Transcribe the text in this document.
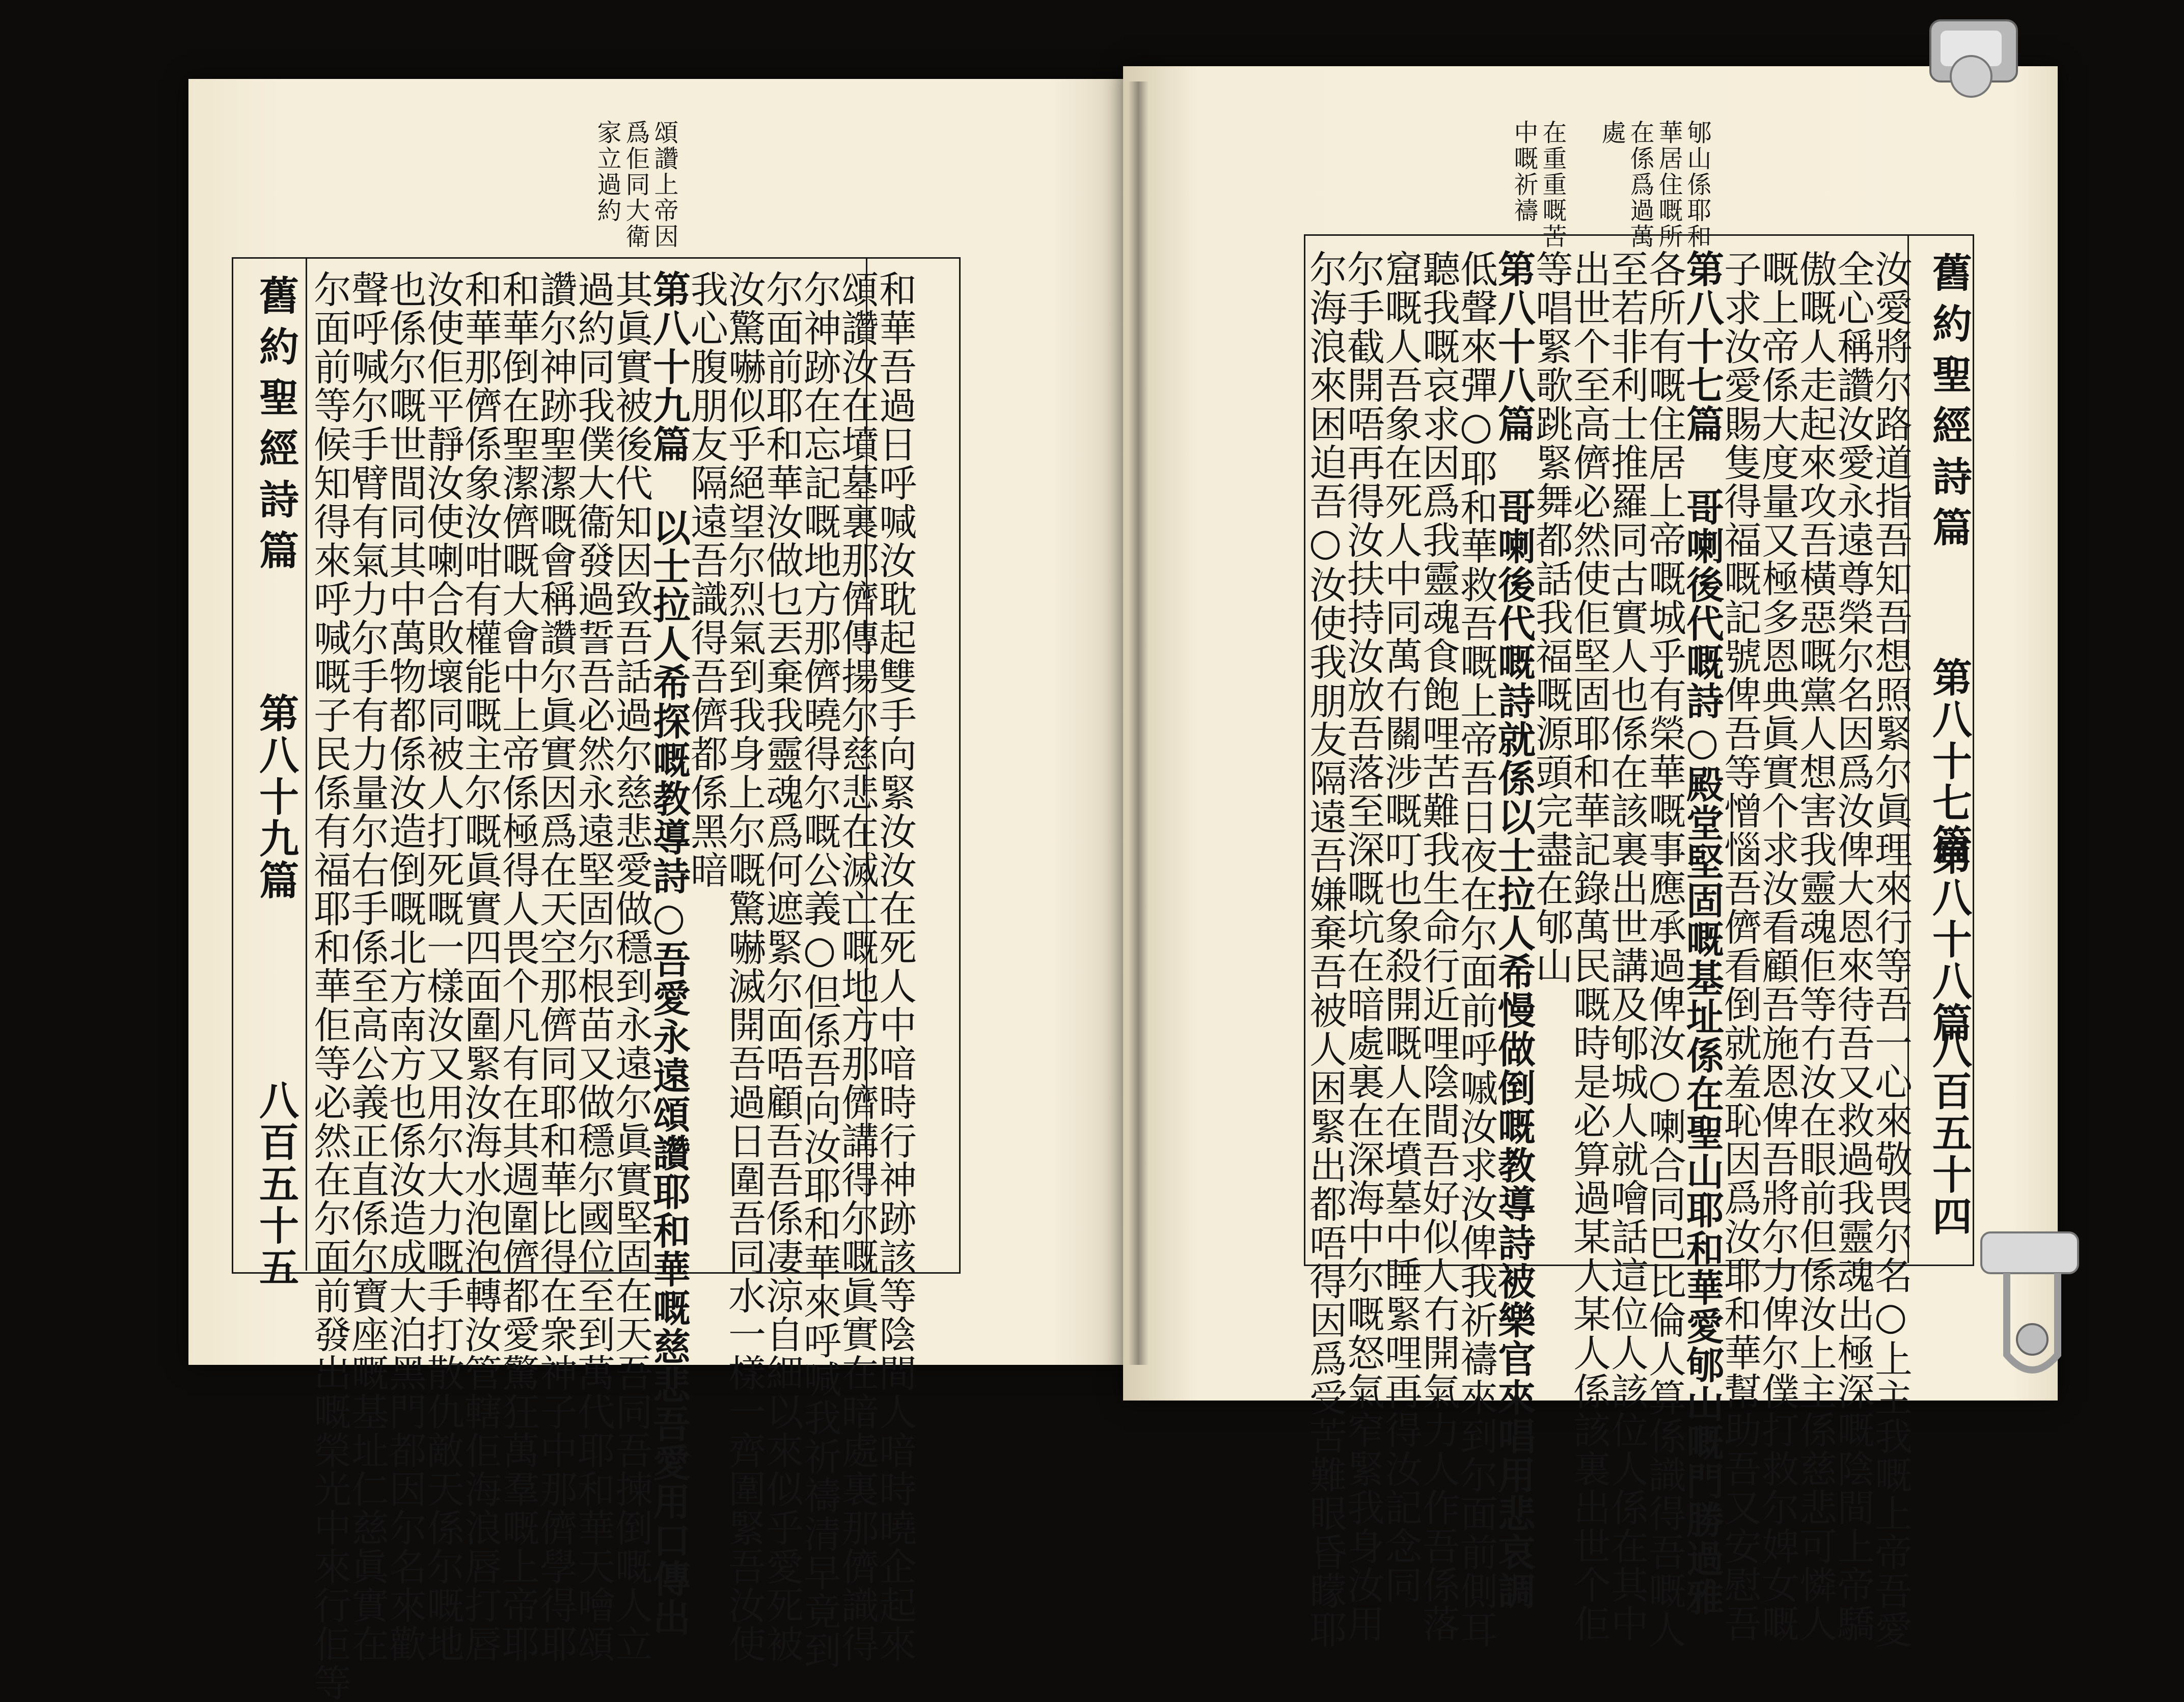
頌讚上帝因
爲佢同大衛
家立過約
舊約聖經詩篇
第八十九篇
八百五十五	和華吾過日呼喊汝耽起雙手向緊汝汝在死人中喑時行神跡該等陰間人喑時曉企起來
頌讚汝在墳墓裏那儕傳揚尔慈悲在滅亡嘅地方那儕講得尔嘅眞實在暗處裏那儕識得
尔神跡在忘記嘅地方那儕曉得尔嘅公義○但係吾向汝耶和華來呼喊我祈禱清早竟到
尔面前耶和華汝做乜丟棄我靈魂爲何遮緊尔面唔顧吾吾係凄涼自細以來似乎愛死被
汝驚嚇似乎絕望尔烈氣到我身上尔嘅驚嚇滅開吾過日圍吾同水一樣一齊圍緊吾汝使
我心腹朋友隔遠吾識得吾儕都係黑暗
第八十九篇 以士拉人希探嘅教導詩○吾愛永遠頌讚耶和華嘅慈悲吾愛用口傳出
其眞實被後代知因致吾話過尔慈悲愛做穩到永遠尔眞實堅固在天吾同吾揀倒嘅人立
過約同我僕大衞發過誓吾必然永遠堅固尔根苗又做穩尔國位至到萬代耶和華天噲頌
讚尔神跡聖潔嘅會稱讚尔眞實因爲在天空那儕同耶和華比得在衆神子中那儕學得耶
和華倒在聖潔儕嘅大會中上帝係極得人畏个凡有在其週圍儕都愛驚狂萬羣嘅上帝耶
和華那儕係象汝咁有權能嘅主尔嘅眞實四面圍緊汝海水泡泡轉汝管轄佢海浪唇打唇
汝使佢平靜汝使喇合敗壞同被人打死嘅一樣汝又用尔大力嘅手打散仇敵天係尔嘅地
也係尔嘅世間同其中萬物都係汝造倒嘅北方南方也係汝造成大泊黑門都因尔名來歡
聲呼喊尔手臂有氣力尔手有力量尔右手係至高公義正直係尔寶座嘅基址仁慈眞實在
尔面前等候知得來呼喊嘅子民係有福耶和華佢等必然在尔面前發出嘅榮光中來行佢等
郇山係耶和
華居住嘅所
在係爲過萬
處
在重重嘅苦
中嘅祈禱
舊約聖經詩篇
第八十七篇
第八十八篇
八百五十四
汝愛將尔路道指吾知吾想照緊尔眞理來行等吾一心來敬畏尔名○上主我嘅上帝吾愛
全心稱讚汝愛永遠尊榮尔名因爲汝俾大恩來待吾又救過我靈魂出極深嘅陰間上帝驕
傲嘅人走起來攻吾橫惡嘅黨人想害我靈魂佢等冇汝在眼前但係汝上主係慈悲可憐人
嘅上帝係大度量又極多恩典眞實个求汝看顧吾施恩俾吾將尔力俾尔僕打救尔婢女嘅
子求汝愛賜隻得福嘅記號俾吾等憎惱吾儕看倒就羞恥因爲汝耶和華幫助吾又安慰吾
第八十七篇 哥喇後代嘅詩○殿堂堅固嘅基址係在聖山耶和華愛郇山嘅門勝過雅
各所有嘅住居上帝嘅城乎有榮華嘅事應承過俾汝○喇合同巴比倫人算係識得吾嘅人
至若非利士推羅同古實人也係在該裏出世講及郇城人就噲話這位人該位人係在其中
出世个至高儕必然使佢堅固耶和華記錄萬民嘅時是必算過某人某人係該裏出世个佢
等唱緊歌跳緊舞都話我福嘅源頭完盡在郇山
第八十八篇 哥喇後代嘅詩就係以士拉人希慢做倒嘅教導詩被樂官來唱用悲哀調
低聲來彈○耶和華救吾嘅上帝吾日夜在尔面前呼嘁汝求汝俾我祈禱來到尔面前側耳
聽我嘅哀求因爲我靈魂食飽哩苦難我生命行近哩陰間吾好似人冇開氣力人作吾係落
窟嘅人吾象在死人中同萬冇關涉嘅叮也象殺開嘅人在墳墓中睡緊哩再得汝記念同
尔手截開唔再得汝扶持汝放吾落至深嘅坑在暗處裏在深海中尔嘅怒氣窄緊我身汝用
尔海浪來困迫吾○汝使我朋友隔遠吾嫌棄吾被人困緊出都唔得因爲受苦難眼昏矇耶
